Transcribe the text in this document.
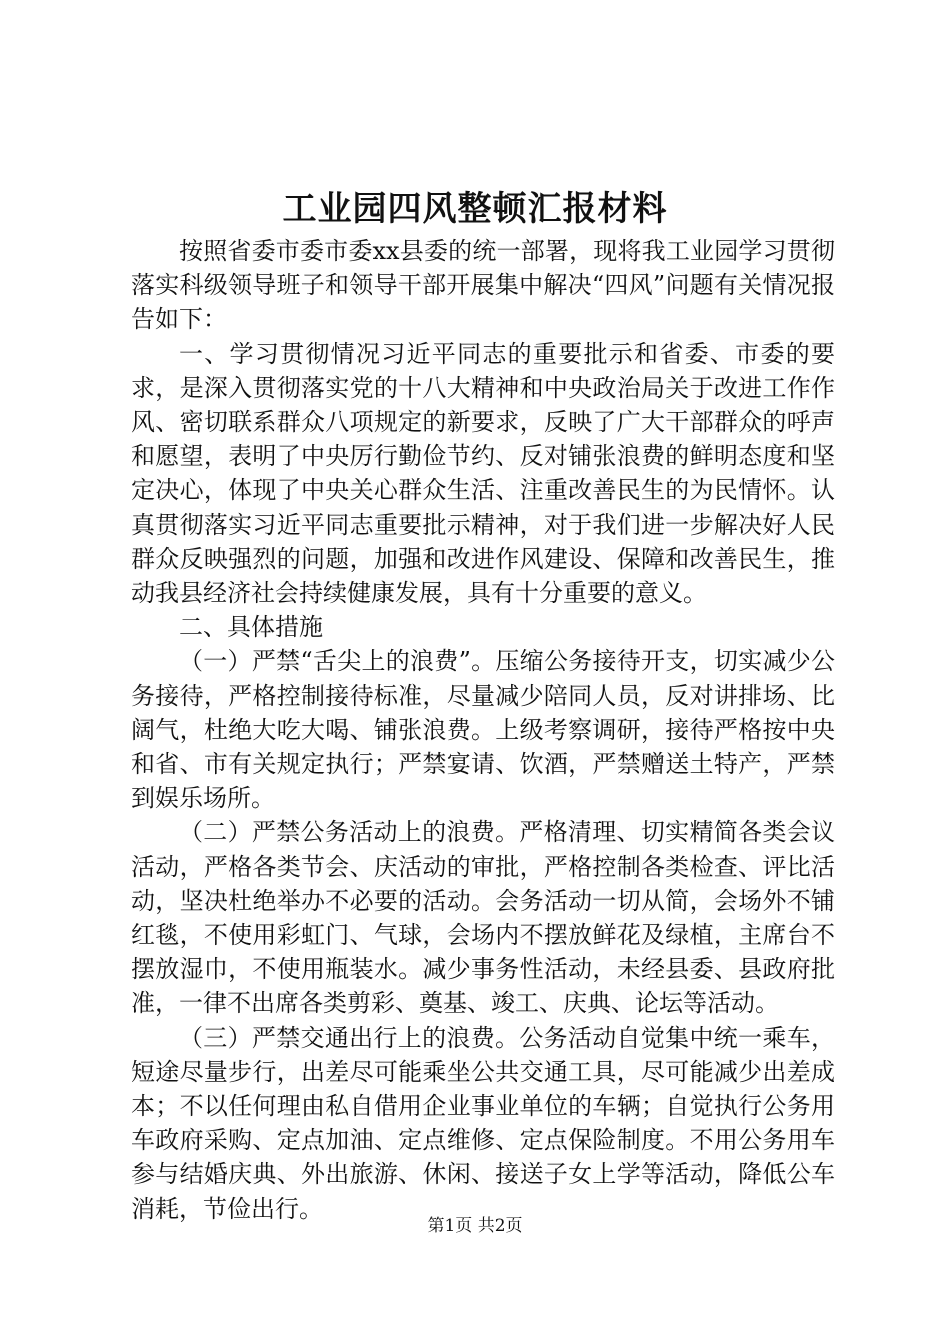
工业园四风整顿汇报材料

按照省委市委市委xx县委的统一部署，现将我工业园学习贯彻落实科级领导班子和领导干部开展集中解决“四风”问题有关情况报告如下：

一、学习贯彻情况习近平同志的重要批示和省委、市委的要求，是深入贯彻落实党的十八大精神和中央政治局关于改进工作作风、密切联系群众八项规定的新要求，反映了广大干部群众的呼声和愿望，表明了中央厉行勤俭节约、反对铺张浪费的鲜明态度和坚定决心，体现了中央关心群众生活、注重改善民生的为民情怀。认真贯彻落实习近平同志重要批示精神，对于我们进一步解决好人民群众反映强烈的问题，加强和改进作风建设、保障和改善民生，推动我县经济社会持续健康发展，具有十分重要的意义。

二、具体措施

（一）严禁“舌尖上的浪费”。压缩公务接待开支，切实减少公务接待，严格控制接待标准，尽量减少陪同人员，反对讲排场、比阔气，杜绝大吃大喝、铺张浪费。上级考察调研，接待严格按中央和省、市有关规定执行；严禁宴请、饮酒，严禁赠送土特产，严禁到娱乐场所。

（二）严禁公务活动上的浪费。严格清理、切实精简各类会议活动，严格各类节会、庆活动的审批，严格控制各类检查、评比活动，坚决杜绝举办不必要的活动。会务活动一切从简，会场外不铺红毯，不使用彩虹门、气球，会场内不摆放鲜花及绿植，主席台不摆放湿巾，不使用瓶装水。减少事务性活动，未经县委、县政府批准，一律不出席各类剪彩、奠基、竣工、庆典、论坛等活动。

（三）严禁交通出行上的浪费。公务活动自觉集中统一乘车，短途尽量步行，出差尽可能乘坐公共交通工具，尽可能减少出差成本；不以任何理由私自借用企业事业单位的车辆；自觉执行公务用车政府采购、定点加油、定点维修、定点保险制度。不用公务用车参与结婚庆典、外出旅游、休闲、接送子女上学等活动，降低公车消耗，节俭出行。

第1页 共2页
